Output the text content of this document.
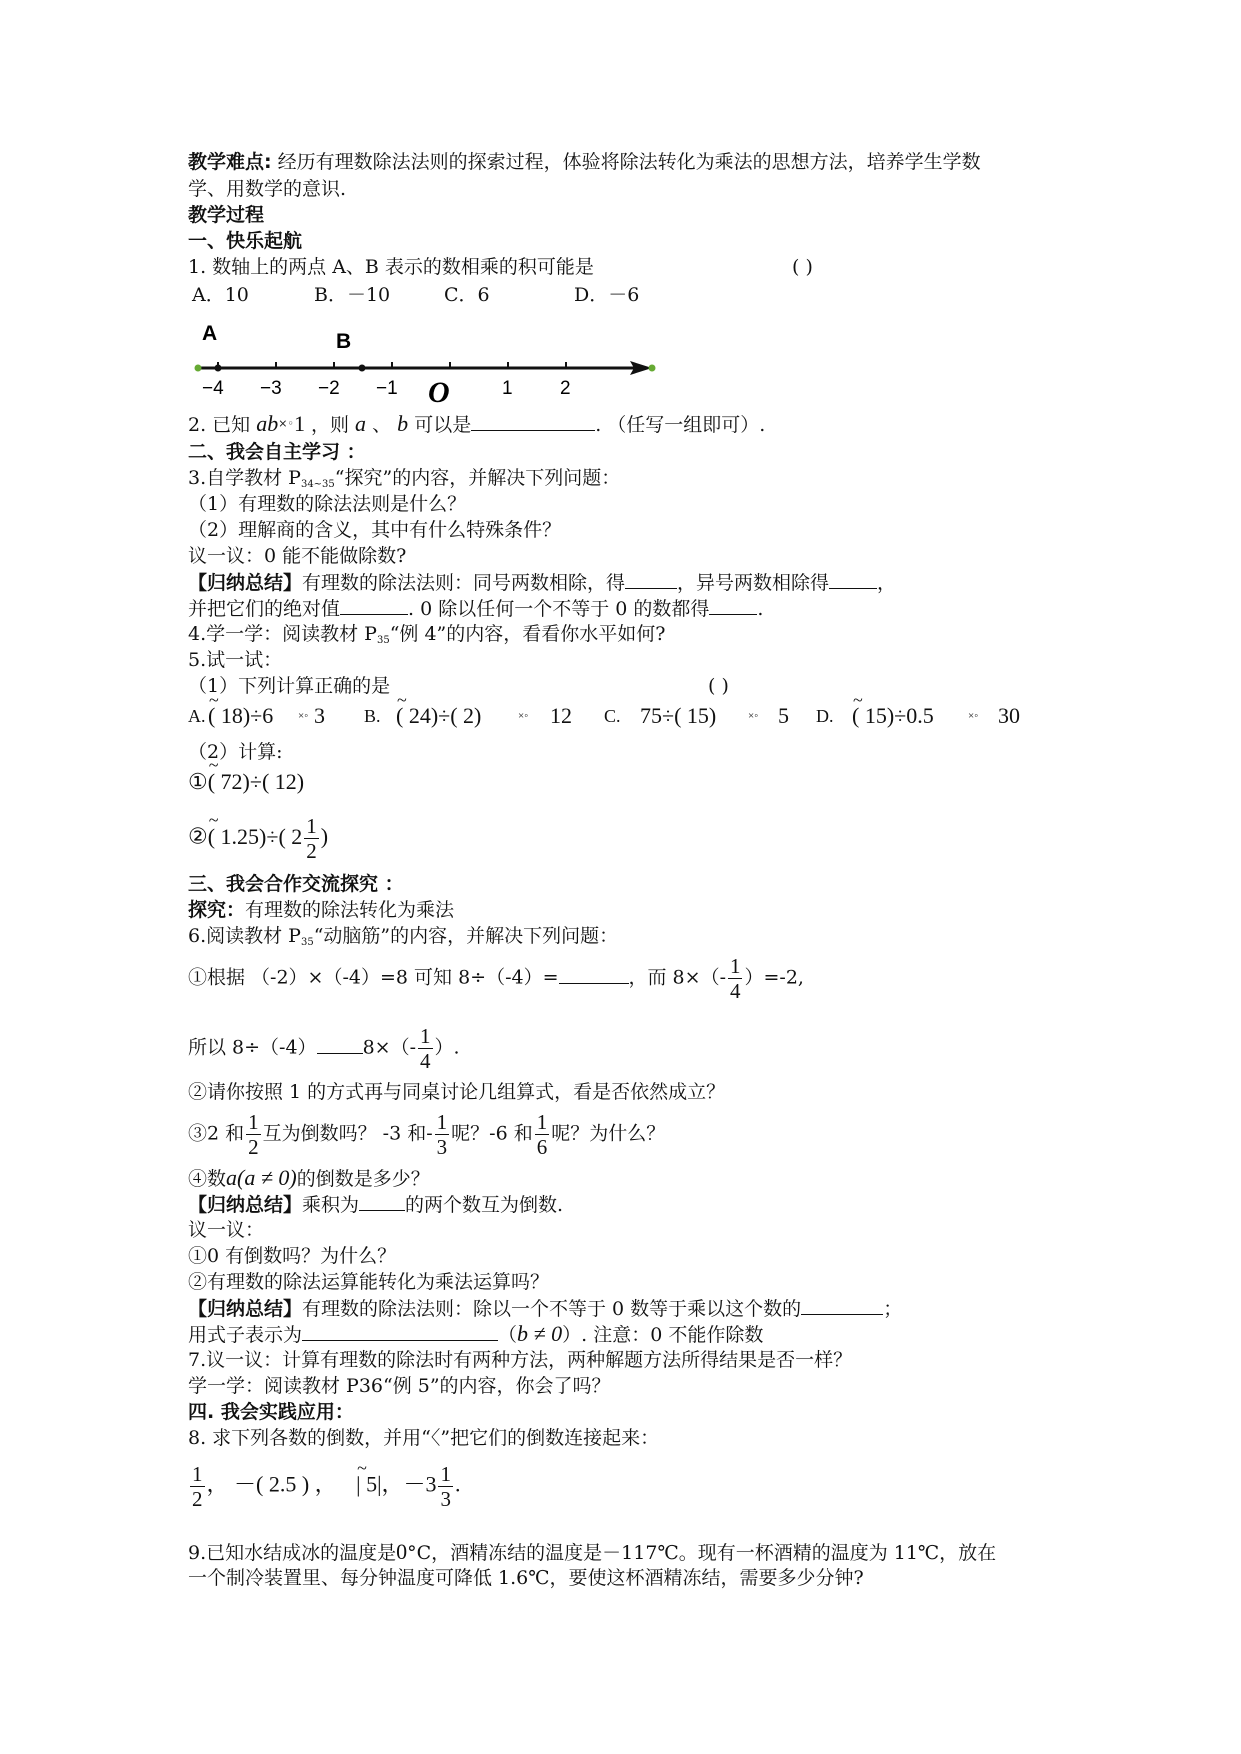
教学难点: 经历有理数除法法则的探索过程，体验将除法转化为乘法的思想方法，培养学生学数
学、用数学的意识.
教学过程
一、快乐起航
1. 数轴上的两点 A、B 表示的数相乘的积可能是	( )
A．10	B．－10	C．6	D．－6
A	B
−4 −3 −2 −1 O	1 2
2. 已知 ab×◦1 ，则 a 、 b 可以是	. （任写一组即可）.
二、我会自主学习 ：
3.自学教材 $P_{34\sim 35}“$探究”的内容，并解决下列问题：
（1）有理数的除法法则是什么？
（2）理解商的含义，其中有什么特殊条件？
议一议：0 能不能做除数?
【归纳总结】有理数的除法法则：同号两数相除，得	，异号两数相除得	，
并把它们的绝对值	. 0 除以任何一个不等于 0 的数都得	.
4.学一学：阅读教材 $P_{35}“$例 4”的内容，看看你水平如何?
5.试一试：
（1）下列计算正确的是	( )
A. ~ ( 18)÷6 ×◦ 3 B. ~ ( 24)÷( 2)	×◦ 12 C. 75÷( 15)	×◦ 5 D. ~ ( 15)÷0.5	×◦ 30
（2）计算:
①~ ( 72)÷( 12)
②~ ( 1.25)÷( $2 \frac{1}{2}$ )
三、我会合作交流探究 ：
探究：有理数的除法转化为乘法
6.阅读教材 $P_{35}“$动脑筋”的内容，并解决下列问题：
①根据 （-2）×（-4）=8 可知 8÷（-4）=	，而 $8\times(- \frac{1}{4} )=-2$,
所以 8÷（-4） $8\times(- \frac{1}{4}$ ）.
②请你按照 1 的方式再与同桌讨论几组算式，看是否依然成立？
③2 和 $\frac{1}{2}$ 互为倒数吗？ -3 和- $\frac{1}{3}$ 呢？-6 和 $\frac{1}{6}$ 呢？为什么？
④数a(a ≠ 0)的倒数是多少？
【归纳总结】乘积为 的两个数互为倒数.
议一议：
①0 有倒数吗？为什么？
②有理数的除法运算能转化为乘法运算吗？
【归纳总结】有理数的除法法则：除以一个不等于 0 数等于乘以这个数的	；
用式子表示为	（b ≠ 0）. 注意：0 不能作除数
7.议一议：计算有理数的除法时有两种方法，两种解题方法所得结果是否一样？
学一学：阅读教材 P36“例 5”的内容，你会了吗？
四. 我会实践应用：
8. 求下列各数的倒数，并用“〈”把它们的倒数连接起来：
$\frac{1}{2}$ ， －( 2.5 ) ， ~ | 5|，$-3 \frac{1}{3}$ .
9.已知水结成冰的温度是0°C，酒精冻结的温度是－117℃。现有一杯酒精的温度为 11℃，放在
一个制冷装置里、每分钟温度可降低 1.6℃，要使这杯酒精冻结，需要多少分钟?
